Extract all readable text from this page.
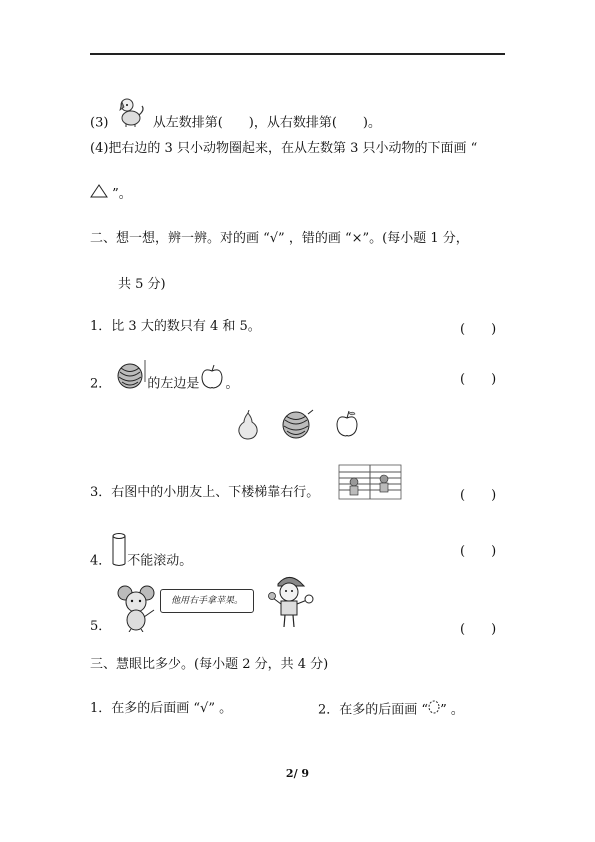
(3)	从左数排第(　　)，从右数排第(　　)。
(4)把右边的 3 只小动物圈起来，在从左数第 3 只小动物的下面画 “
”。
二、想一想，辨一辨。对的画 “√” ，错的画 “×”。(每小题 1 分，
共 5 分)
1．比 3 大的数只有 4 和 5。	(　　)
2．	的左边是 。	(　　)
3．右图中的小朋友上、下楼梯靠右行。	(　　)
4． 不能滚动。
(　　)
他用右手拿苹果。
5．	(　　)
三、慧眼比多少。(每小题 2 分，共 4 分)
1．在多的后面画 “√” 。	2．在多的后面画 “ ” 。
2/ 9
